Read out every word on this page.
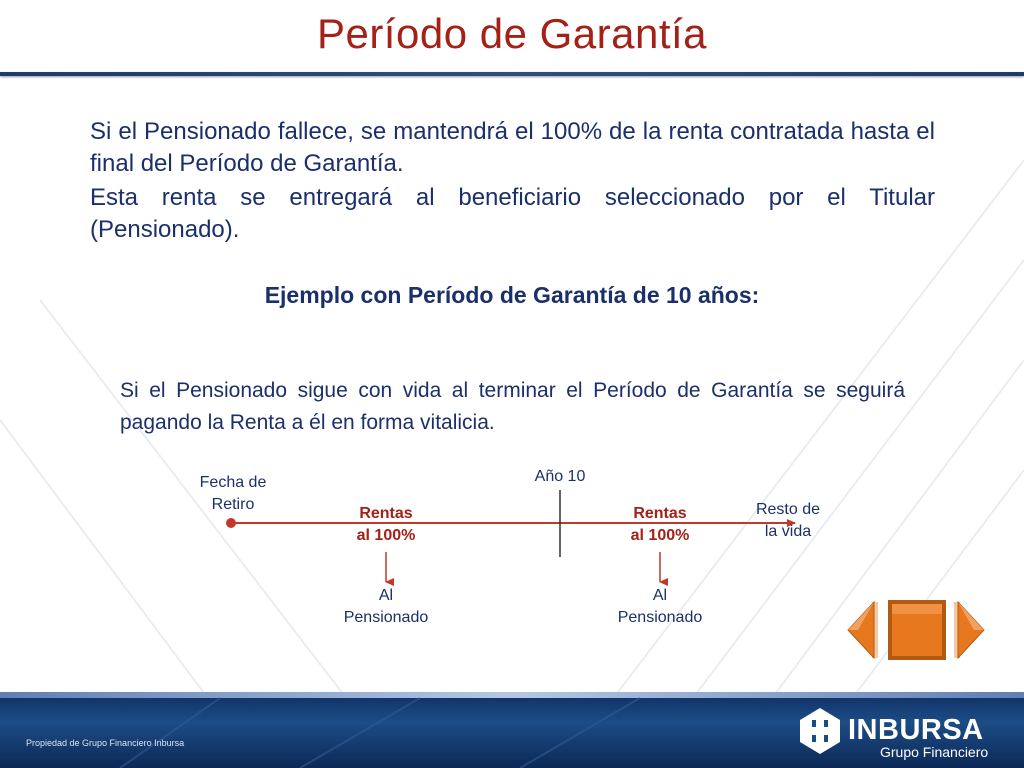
Período de Garantía
Si el Pensionado fallece, se mantendrá el 100% de la renta contratada hasta el final del Período de Garantía.
Esta renta se entregará al beneficiario seleccionado por el Titular (Pensionado).
Ejemplo con Período de Garantía de 10 años:
Si el Pensionado sigue con vida al terminar el Período de Garantía se seguirá pagando la Renta a él en forma vitalicia.
Fecha de
Retiro
Año 10
Resto de
la vida
Rentas
al 100%
Rentas
al 100%
Al
Pensionado
Al
Pensionado
Propiedad de Grupo Financiero Inbursa	INBURSA
Grupo Financiero
